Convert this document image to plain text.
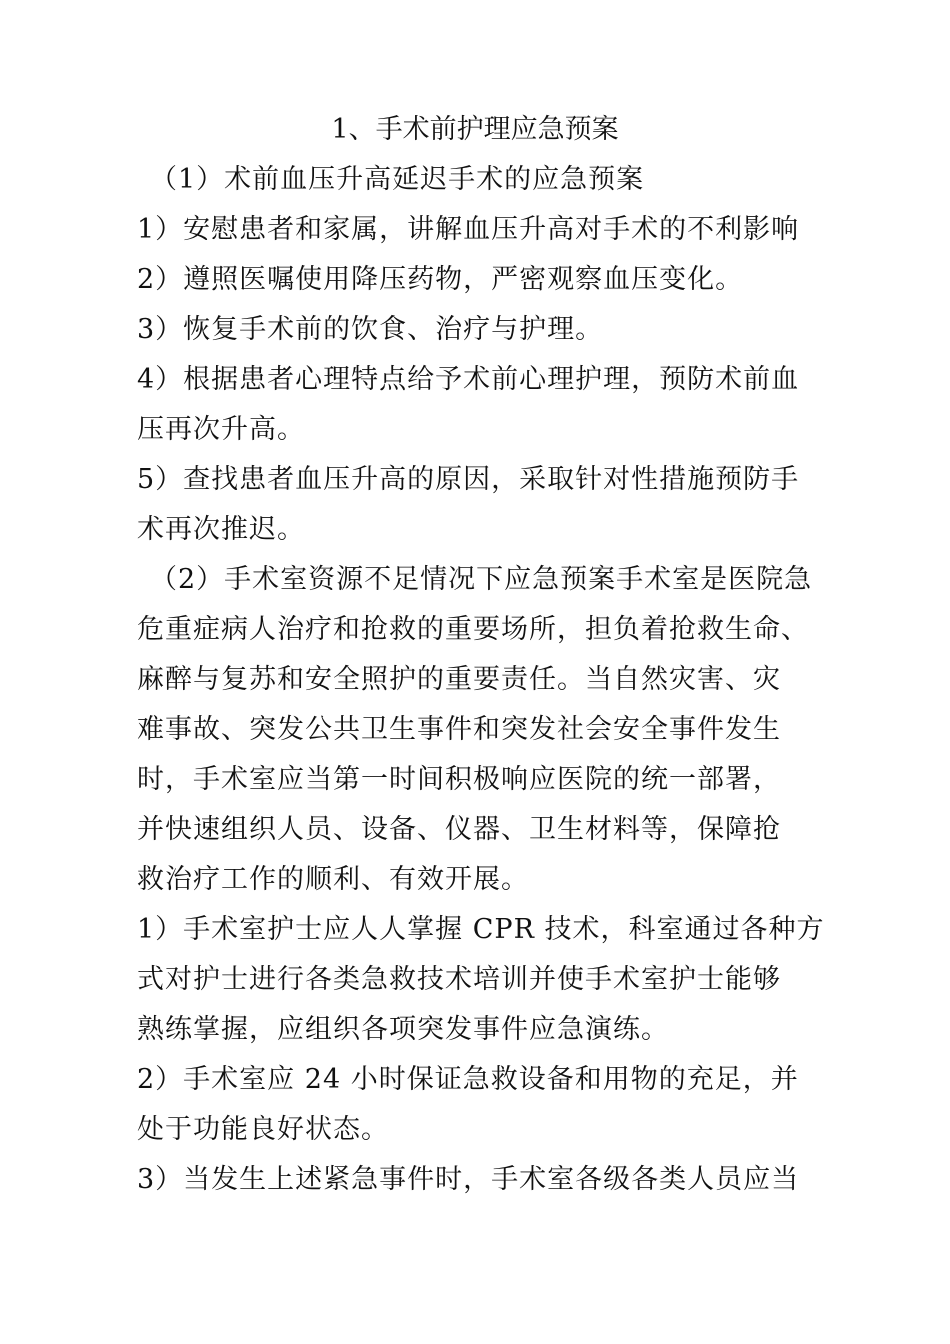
1、手术前护理应急预案
（1）术前血压升高延迟手术的应急预案
1）安慰患者和家属，讲解血压升高对手术的不利影响
2）遵照医嘱使用降压药物，严密观察血压变化。
3）恢复手术前的饮食、治疗与护理。
4）根据患者心理特点给予术前心理护理，预防术前血
压再次升高。
5）查找患者血压升高的原因，采取针对性措施预防手
术再次推迟。
（2）手术室资源不足情况下应急预案手术室是医院急
危重症病人治疗和抢救的重要场所，担负着抢救生命、
麻醉与复苏和安全照护的重要责任。当自然灾害、灾
难事故、突发公共卫生事件和突发社会安全事件发生
时，手术室应当第一时间积极响应医院的统一部署，
并快速组织人员、设备、仪器、卫生材料等，保障抢
救治疗工作的顺利、有效开展。
1）手术室护士应人人掌握 CPR 技术，科室通过各种方
式对护士进行各类急救技术培训并使手术室护士能够
熟练掌握，应组织各项突发事件应急演练。
2）手术室应 24 小时保证急救设备和用物的充足，并
处于功能良好状态。
3）当发生上述紧急事件时，手术室各级各类人员应当
